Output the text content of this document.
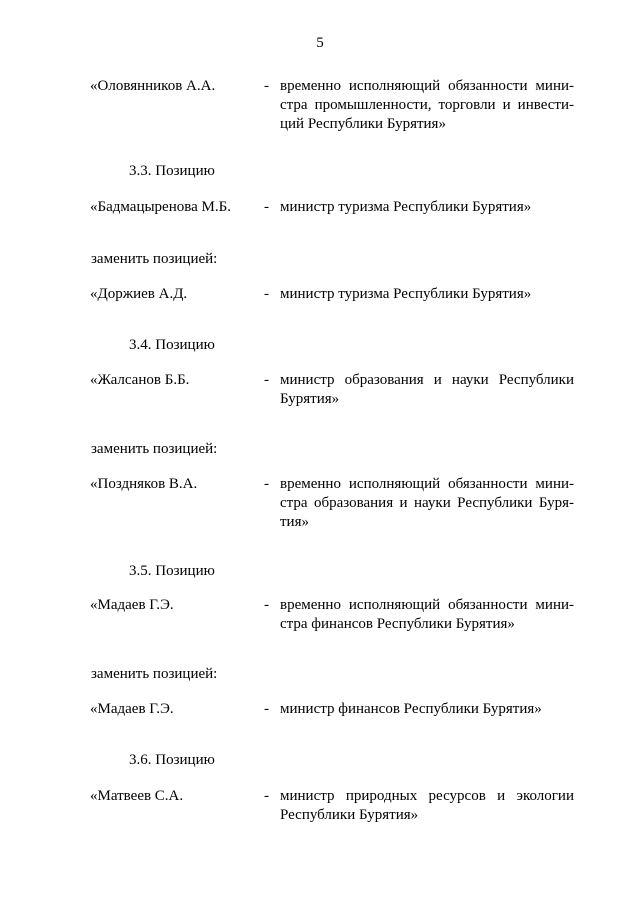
5
«Оловянников А.А.	- временно исполняющий обязанности мини-
стра промышленности, торговли и инвести-
ций Республики Бурятия»
3.3. Позицию
«Бадмацыренова М.Б. - министр туризма Республики Бурятия»
заменить позицией:
«Доржиев А.Д.	- министр туризма Республики Бурятия»
3.4. Позицию
«Жалсанов Б.Б.	- министр образования и науки Республики
Бурятия»
заменить позицией:
«Поздняков В.А.	- временно исполняющий обязанности мини-
стра образования и науки Республики Буря-
тия»
3.5. Позицию
«Мадаев Г.Э.	- временно исполняющий обязанности мини-
стра финансов Республики Бурятия»
заменить позицией:
«Мадаев Г.Э.	- министр финансов Республики Бурятия»
3.6. Позицию
«Матвеев С.А.	- министр природных ресурсов и экологии
Республики Бурятия»
